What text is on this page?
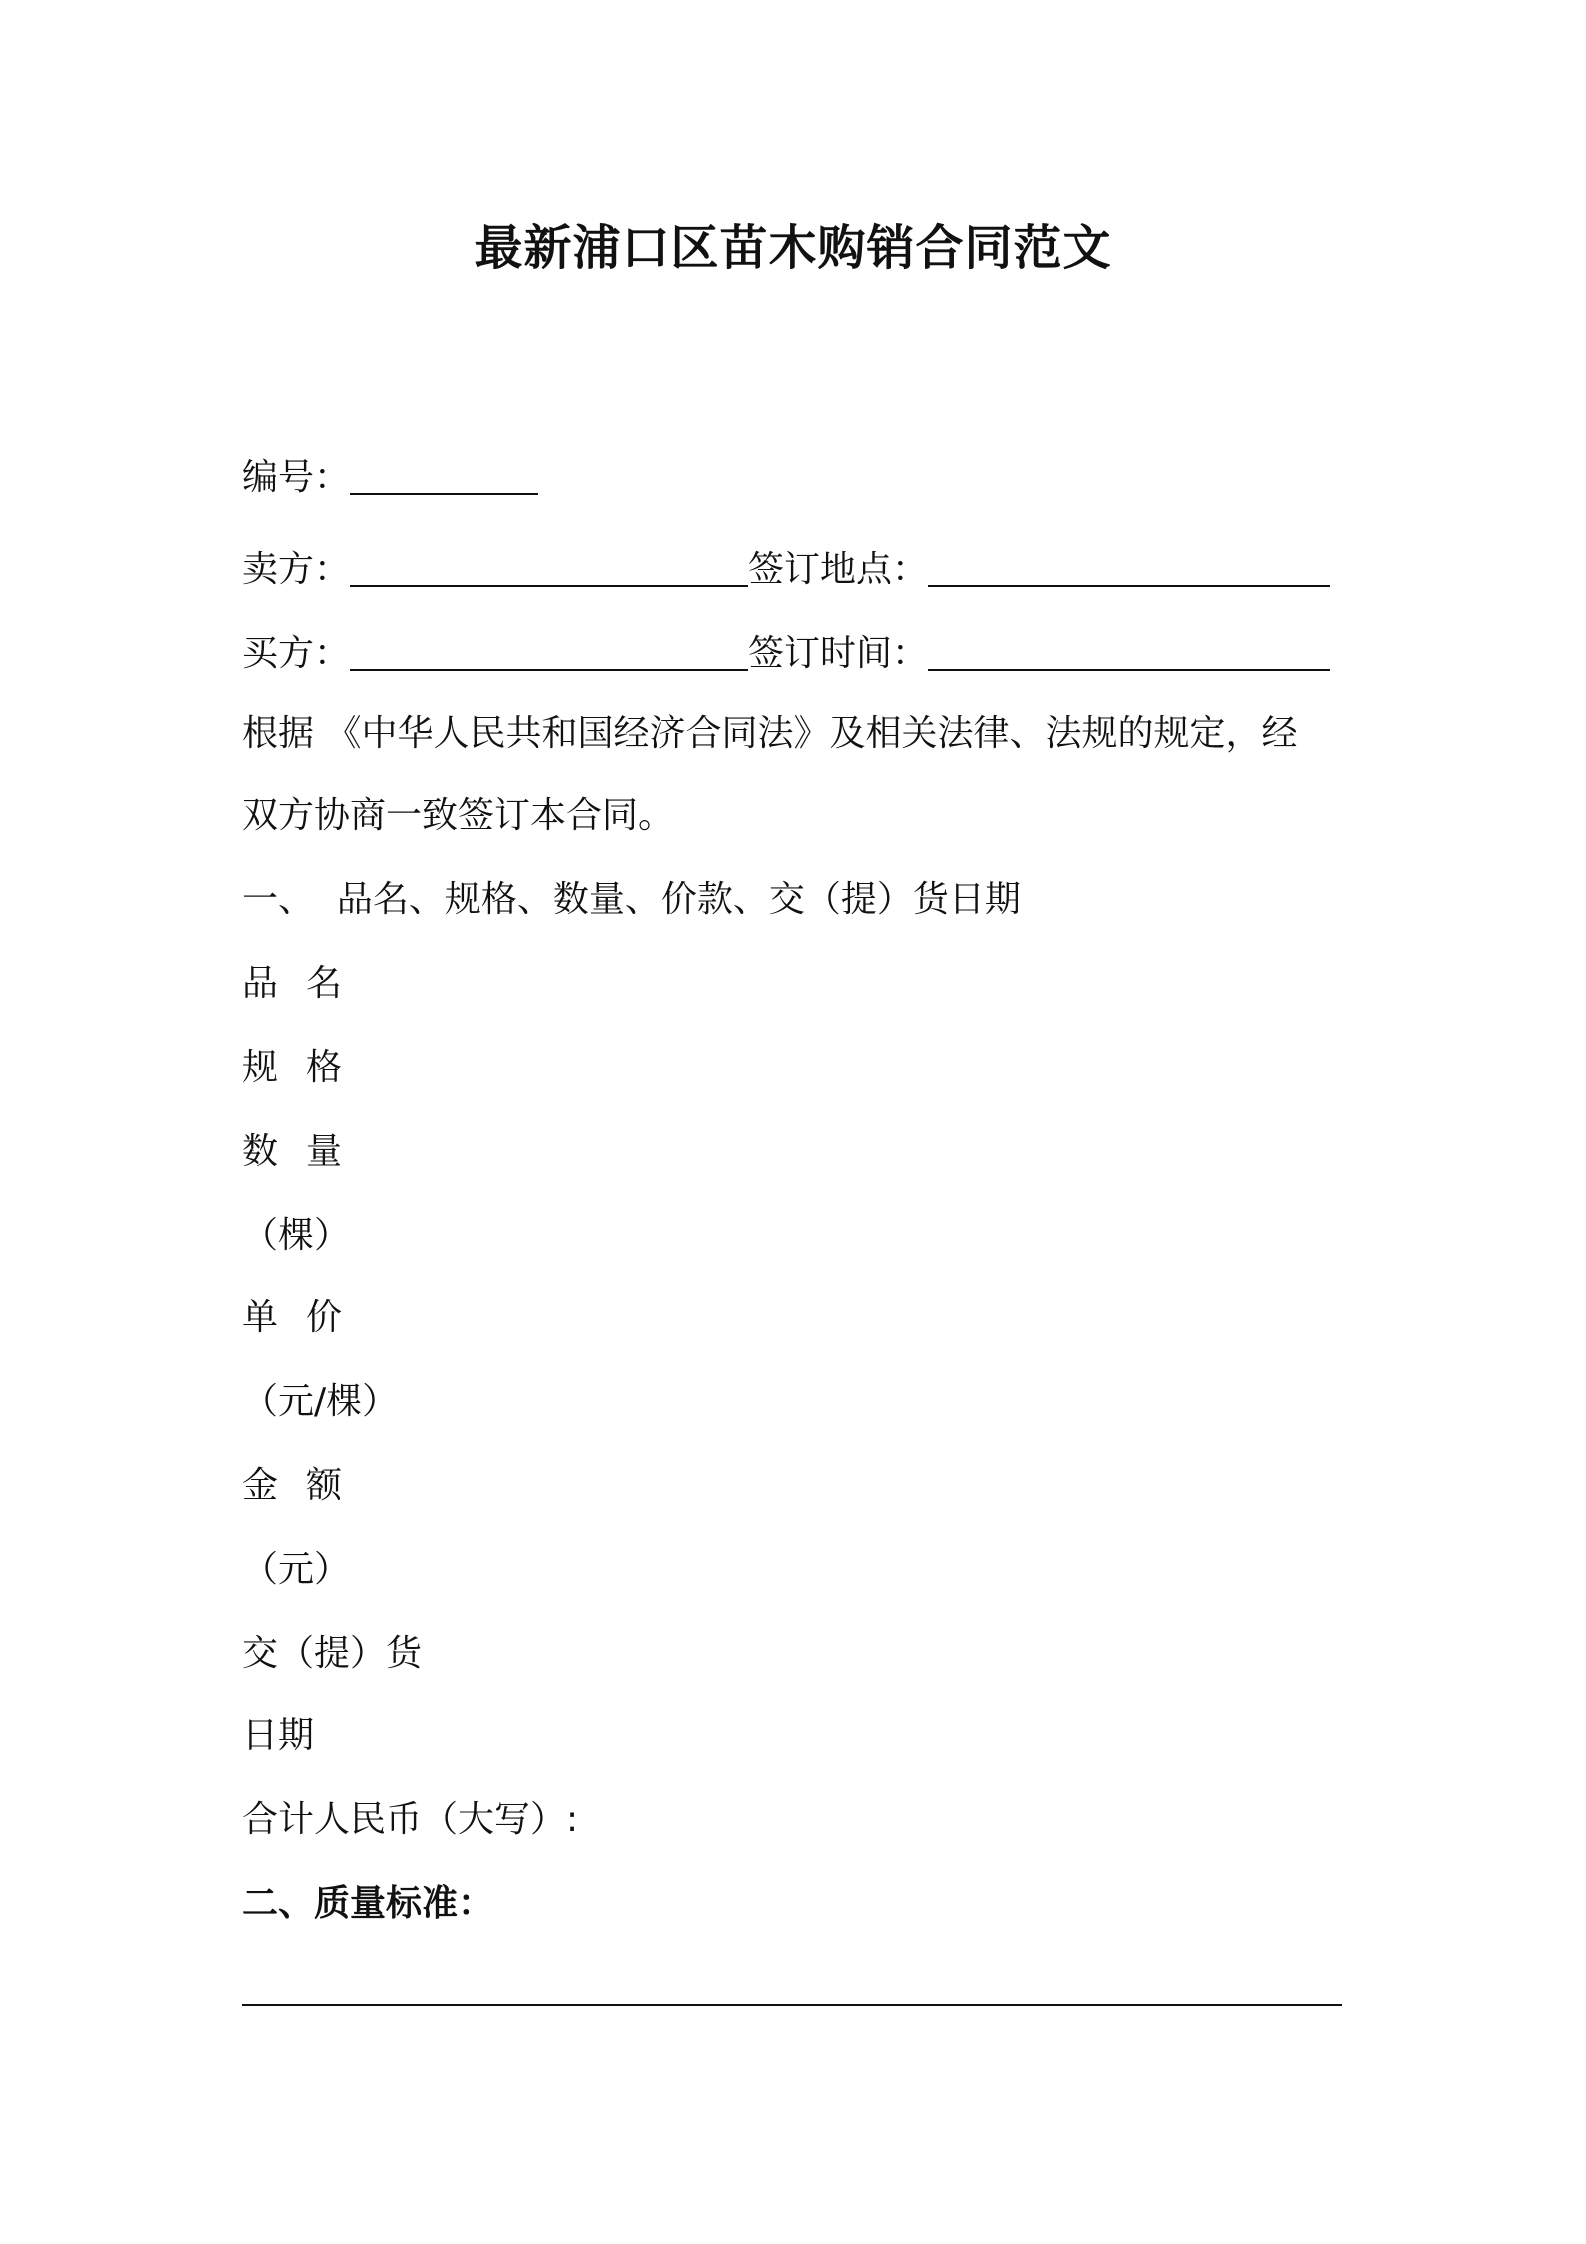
最新浦口区苗木购销合同范文
编号：
卖方：	签订地点：
买方：	签订时间：
根据 《中华人民共和国经济合同法》及相关法律、法规的规定，经
双方协商一致签订本合同。
一、  品名、规格、数量、价款、交（提）货日期
品 名
规 格
数 量
（棵）
单 价
（元/棵）
金 额
（元）
交（提）货
日期
合计人民币（大写）:
二、质量标准：
